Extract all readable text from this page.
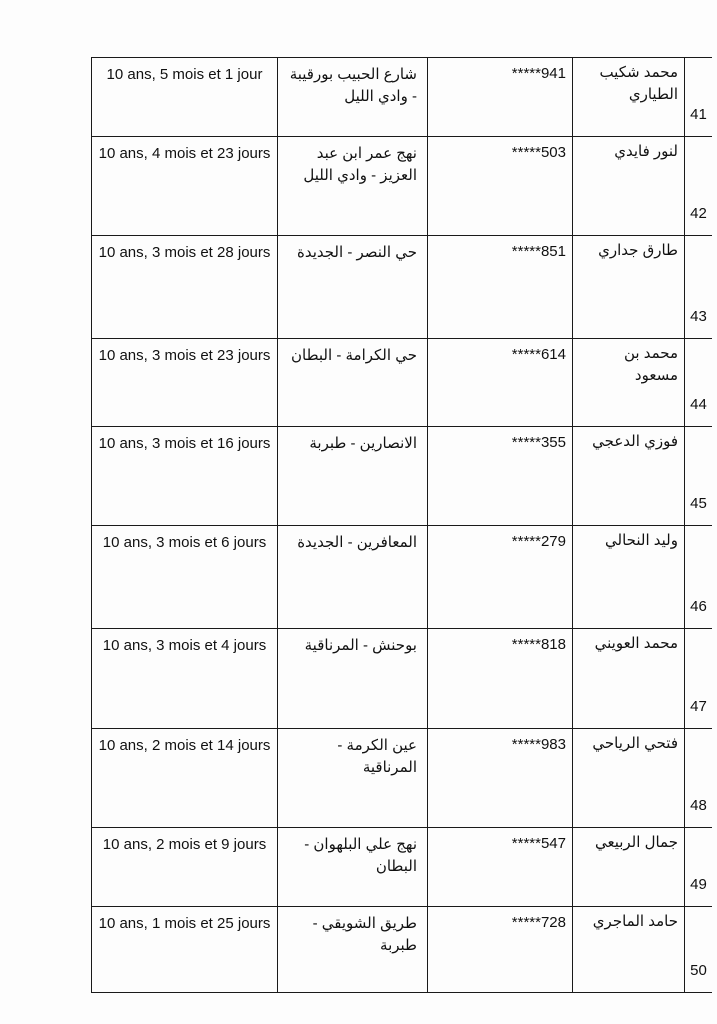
10 ans, 5 mois et 1 jour	شارع الحبيب بورقيبة - وادي الليل	*****941	محمد شكيب الطياري	41
10 ans, 4 mois et 23 jours	نهج عمر ابن عبد العزيز - وادي الليل	*****503	لنور فايدي	42
10 ans, 3 mois et 28 jours	حي النصر - الجديدة	*****851	طارق جداري	43
10 ans, 3 mois et 23 jours	حي الكرامة - البطان	*****614	محمد بن مسعود	44
10 ans, 3 mois et 16 jours	الانصارين - طبربة	*****355	فوزي الدعجي	45
10 ans, 3 mois et 6 jours	المعافرين - الجديدة	*****279	وليد النحالي	46
10 ans, 3 mois et 4 jours	بوحنش - المرناقية	*****818	محمد العويني	47
10 ans, 2 mois et 14 jours	عين الكرمة - المرناقية	*****983	فتحي الرياحي	48
10 ans, 2 mois et 9 jours	نهج علي البلهوان - البطان	*****547	جمال الربيعي	49
10 ans, 1 mois et 25 jours	طريق الشويقي - طبربة	*****728	حامد الماجري	50
